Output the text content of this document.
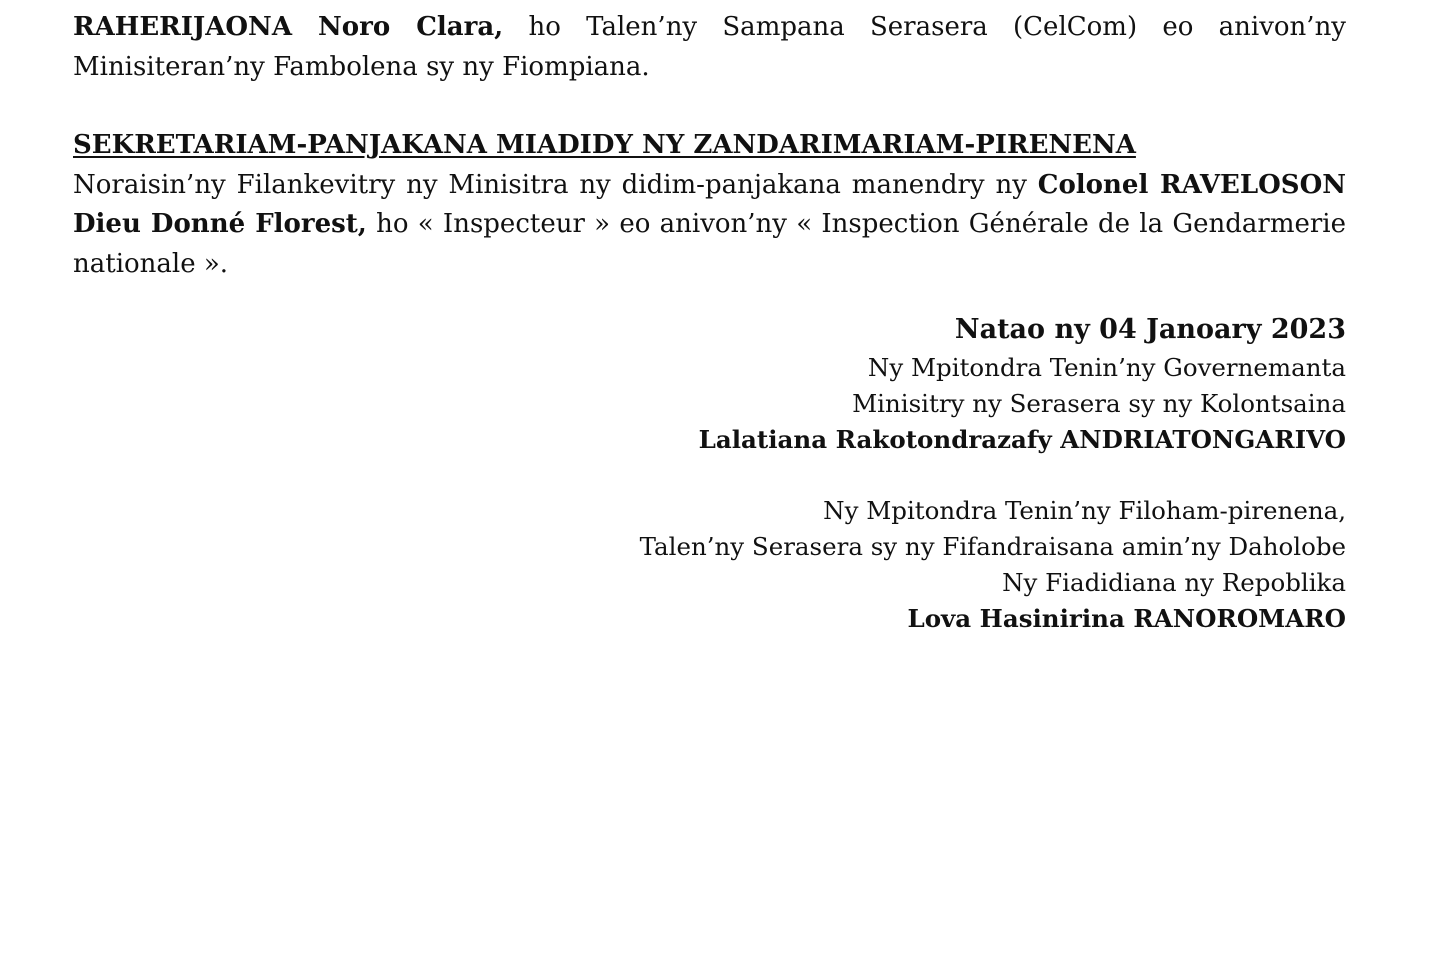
RAHERIJAONA Noro Clara, ho Talen’ny Sampana Serasera (CelCom) eo anivon’ny Minisiteran’ny Fambolena sy ny Fiompiana.

SEKRETARIAM-PANJAKANA MIADIDY NY ZANDARIMARIAM-PIRENENA

Noraisin’ny Filankevitry ny Minisitra ny didim-panjakana manendry ny Colonel RAVELOSON Dieu Donné Florest, ho « Inspecteur » eo anivon’ny « Inspection Générale de la Gendarmerie nationale ».

Natao ny 04 Janoary 2023

Ny Mpitondra Tenin’ny Governemanta

Minisitry ny Serasera sy ny Kolontsaina

Lalatiana Rakotondrazafy ANDRIATONGARIVO

Ny Mpitondra Tenin’ny Filoham-pirenena,

Talen’ny Serasera sy ny Fifandraisana amin’ny Daholobe

Ny Fiadidiana ny Repoblika

Lova Hasinirina RANOROMARO
